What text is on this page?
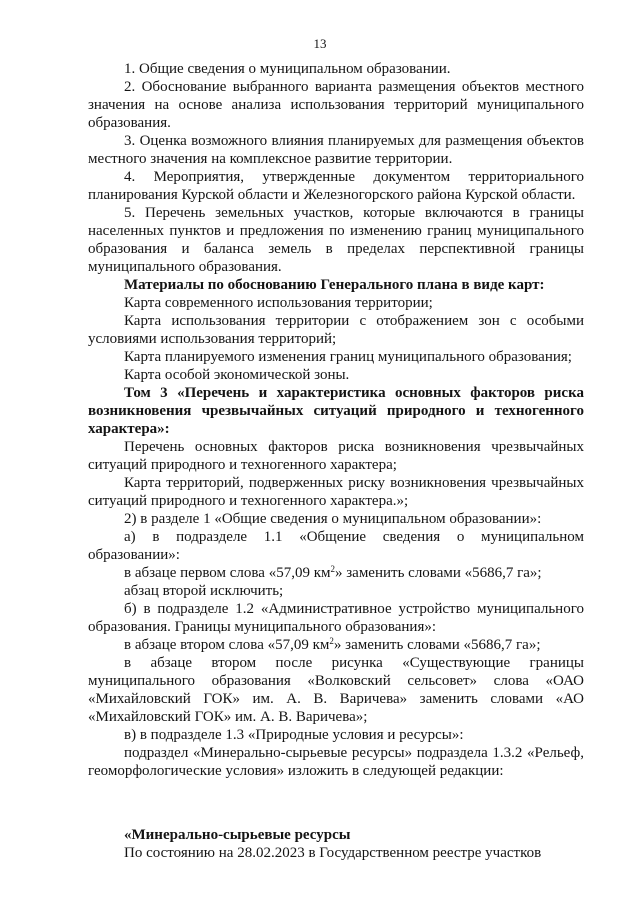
13

1. Общие сведения о муниципальном образовании.

2. Обоснование выбранного варианта размещения объектов местного значения на основе анализа использования территорий муниципального образования.

3. Оценка возможного влияния планируемых для размещения объектов местного значения на комплексное развитие территории.

4. Мероприятия, утвержденные документом территориального планирования Курской области и Железногорского района Курской области.

5. Перечень земельных участков, которые включаются в границы населенных пунктов и предложения по изменению границ муниципального образования и баланса земель в пределах перспективной границы муниципального образования.

Материалы по обоснованию Генерального плана в виде карт:

Карта современного использования территории;

Карта использования территории с отображением зон с особыми условиями использования территорий;

Карта планируемого изменения границ муниципального образования;

Карта особой экономической зоны.

Том 3 «Перечень и характеристика основных факторов риска возникновения чрезвычайных ситуаций природного и техногенного характера»:

Перечень основных факторов риска возникновения чрезвычайных ситуаций природного и техногенного характера;

Карта территорий, подверженных риску возникновения чрезвычайных ситуаций природного и техногенного характера.»;

2) в разделе 1 «Общие сведения о муниципальном образовании»:

а) в подразделе 1.1 «Общение сведения о муниципальном образовании»:

в абзаце первом слова «57,09 $км^2$» заменить словами «5686,7 га»;

абзац второй исключить;

б) в подразделе 1.2 «Административное устройство муниципального образования. Границы муниципального образования»:

в абзаце втором слова «57,09 $км^2$» заменить словами «5686,7 га»;

в абзаце втором после рисунка «Существующие границы муниципального образования «Волковский сельсовет» слова «ОАО «Михайловский ГОК» им. А. В. Варичева» заменить словами «АО «Михайловский ГОК» им. А. В. Варичева»;

в) в подразделе 1.3 «Природные условия и ресурсы»:

подраздел «Минерально-сырьевые ресурсы» подраздела 1.3.2 «Рельеф, геоморфологические условия» изложить в следующей редакции:

«Минерально-сырьевые ресурсы

По состоянию на 28.02.2023 в Государственном реестре участков
